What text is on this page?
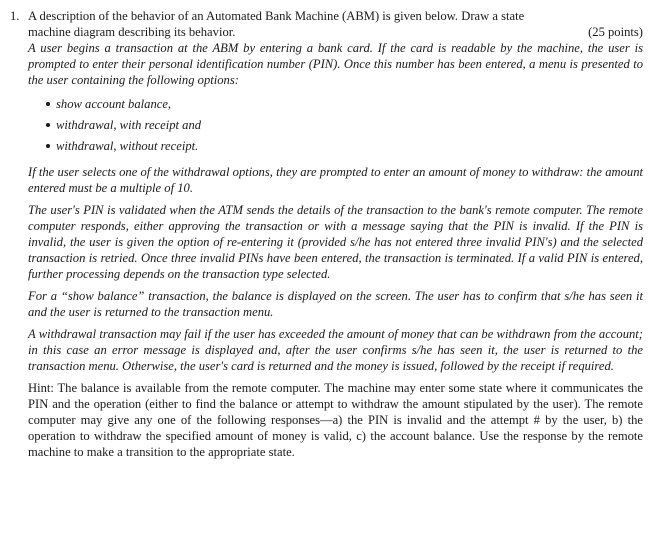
1. A description of the behavior of an Automated Bank Machine (ABM) is given below. Draw a state
machine diagram describing its behavior.	(25 points)

A user begins a transaction at the ABM by entering a bank card. If the card is readable by the machine, the user is prompted to enter their personal identification number (PIN). Once this number has been entered, a menu is presented to the user containing the following options:

show account balance,
withdrawal, with receipt and
withdrawal, without receipt.

If the user selects one of the withdrawal options, they are prompted to enter an amount of money to withdraw: the amount entered must be a multiple of 10.

The user's PIN is validated when the ATM sends the details of the transaction to the bank's remote computer. The remote computer responds, either approving the transaction or with a message saying that the PIN is invalid. If the PIN is invalid, the user is given the option of re-entering it (provided s/he has not entered three invalid PIN's) and the selected transaction is retried. Once three invalid PINs have been entered, the transaction is terminated. If a valid PIN is entered, further processing depends on the transaction type selected.

For a “show balance” transaction, the balance is displayed on the screen. The user has to confirm that s/he has seen it and the user is returned to the transaction menu.

A withdrawal transaction may fail if the user has exceeded the amount of money that can be withdrawn from the account; in this case an error message is displayed and, after the user confirms s/he has seen it, the user is returned to the transaction menu. Otherwise, the user's card is returned and the money is issued, followed by the receipt if required.

Hint: The balance is available from the remote computer. The machine may enter some state where it communicates the PIN and the operation (either to find the balance or attempt to withdraw the amount stipulated by the user). The remote computer may give any one of the following responses—a) the PIN is invalid and the attempt # by the user, b) the operation to withdraw the specified amount of money is valid, c) the account balance. Use the response by the remote machine to make a transition to the appropriate state.
